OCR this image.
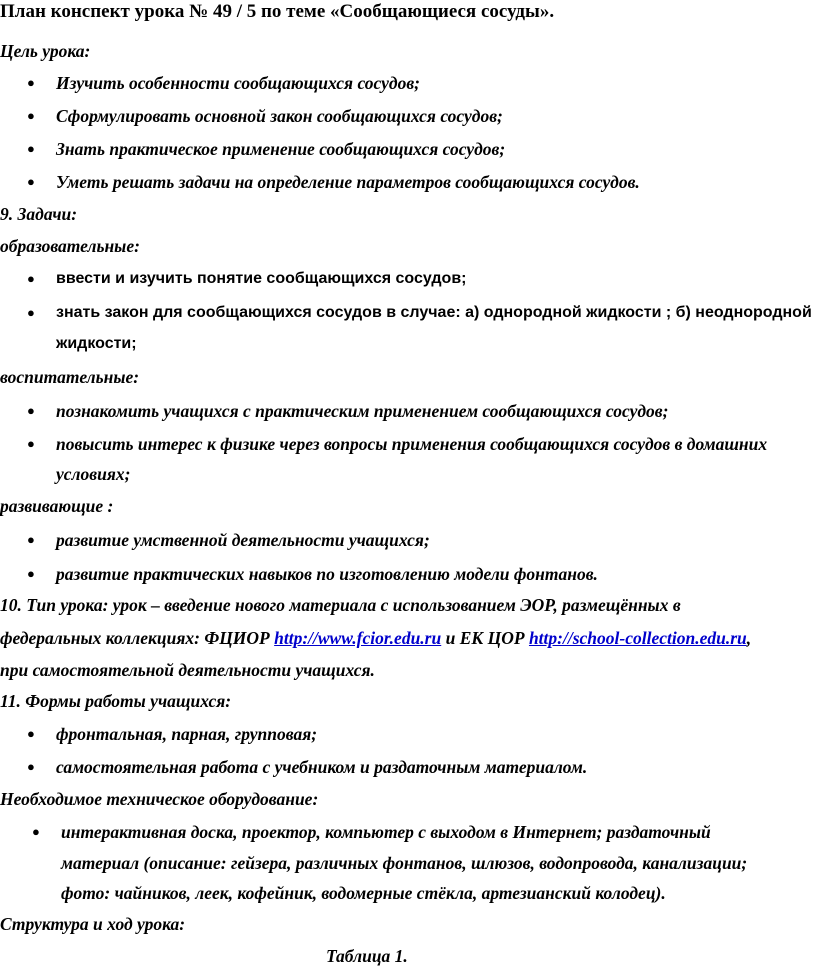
План конспект урока № 49 / 5 по теме «Сообщающиеся сосуды».
Цель урока:
● Изучить особенности сообщающихся сосудов;
● Сформулировать основной закон сообщающихся сосудов;
● Знать практическое применение сообщающихся сосудов;
● Уметь решать задачи на определение параметров сообщающихся сосудов.
9. Задачи:
образовательные:
● ввести и изучить понятие сообщающихся сосудов;
● знать закон для сообщающихся сосудов в случае: а) однородной жидкости ; б) неоднородной
жидкости;
воспитательные:
● познакомить учащихся с практическим применением сообщающихся сосудов;
● повысить интерес к физике через вопросы применения сообщающихся сосудов в домашних
условиях;
развивающие :
● развитие умственной деятельности учащихся;
● развитие практических навыков по изготовлению модели фонтанов.
10. Тип урока: урок – введение нового материала с использованием ЭОР, размещённых в
федеральных коллекциях: ФЦИОР http://www.fcior.edu.ru и ЕК ЦОР http://school-collection.edu.ru,
при самостоятельной деятельности учащихся.
11. Формы работы учащихся:
● фронтальная, парная, групповая;
● самостоятельная работа с учебником и раздаточным материалом.
Необходимое техническое оборудование:
● интерактивная доска, проектор, компьютер с выходом в Интернет; раздаточный
материал (описание: гейзера, различных фонтанов, шлюзов, водопровода, канализации;
фото: чайников, леек, кофейник, водомерные стёкла, артезианский колодец).
Структура и ход урока:
Таблица 1.
